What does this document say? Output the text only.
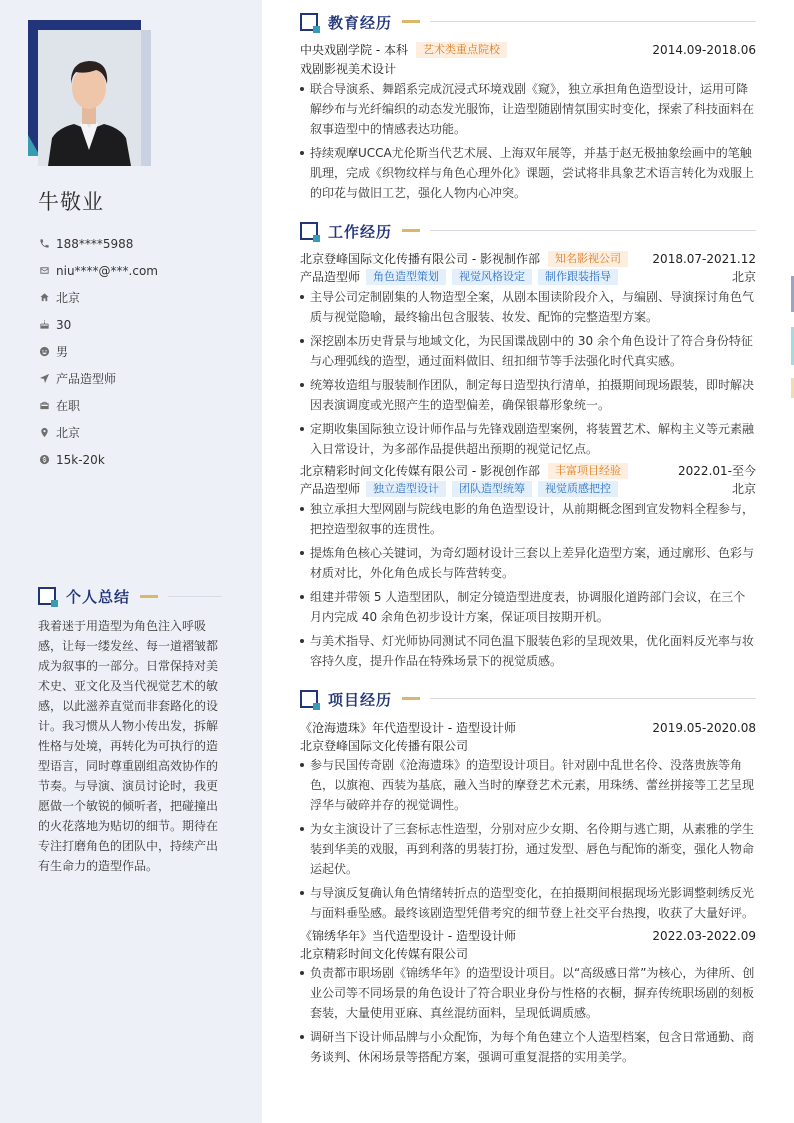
牛敬业
188****5988
niu****@***.com
北京
30
男
产品造型师
在职
北京
15k-20k
个人总结
我着迷于用造型为角色注入呼吸感，让每一缕发丝、每一道褶皱都成为叙事的一部分。日常保持对美术史、亚文化及当代视觉艺术的敏感，以此滋养直觉而非套路化的设计。我习惯从人物小传出发，拆解性格与处境，再转化为可执行的造型语言，同时尊重剧组高效协作的节奏。与导演、演员讨论时，我更愿做一个敏锐的倾听者，把碰撞出的火花落地为贴切的细节。期待在专注打磨角色的团队中，持续产出有生命力的造型作品。
教育经历
中央戏剧学院 - 本科	艺术类重点院校	2014.09-2018.06
戏剧影视美术设计
联合导演系、舞蹈系完成沉浸式环境戏剧《窥》，独立承担角色造型设计，运用可降解纱布与光纤编织的动态发光服饰，让造型随剧情氛围实时变化，探索了科技面料在叙事造型中的情感表达功能。
持续观摩UCCA尤伦斯当代艺术展、上海双年展等，并基于赵无极抽象绘画中的笔触肌理，完成《织物纹样与角色心理外化》课题，尝试将非具象艺术语言转化为戏服上的印花与做旧工艺，强化人物内心冲突。
工作经历
北京登峰国际文化传播有限公司 - 影视制作部	知名影视公司	2018.07-2021.12
产品造型师	角色造型策划	视觉风格设定	制作跟装指导	北京
主导公司定制剧集的人物造型全案，从剧本围读阶段介入，与编剧、导演探讨角色气质与视觉隐喻，最终输出包含服装、妆发、配饰的完整造型方案。
深挖剧本历史背景与地域文化，为民国谍战剧中的 30 余个角色设计了符合身份特征与心理弧线的造型，通过面料做旧、纽扣细节等手法强化时代真实感。
统筹妆造组与服装制作团队，制定每日造型执行清单，拍摄期间现场跟装，即时解决因表演调度或光照产生的造型偏差，确保银幕形象统一。
定期收集国际独立设计师作品与先锋戏剧造型案例，将装置艺术、解构主义等元素融入日常设计，为多部作品提供超出预期的视觉记忆点。
北京精彩时间文化传媒有限公司 - 影视创作部	丰富项目经验	2022.01-至今
产品造型师	独立造型设计	团队造型统筹	视觉质感把控	北京
独立承担大型网剧与院线电影的角色造型设计，从前期概念图到宣发物料全程参与，把控造型叙事的连贯性。
提炼角色核心关键词，为奇幻题材设计三套以上差异化造型方案，通过廓形、色彩与材质对比，外化角色成长与阵营转变。
组建并带领 5 人造型团队，制定分镜造型进度表，协调服化道跨部门会议，在三个月内完成 40 余角色初步设计方案，保证项目按期开机。
与美术指导、灯光师协同测试不同色温下服装色彩的呈现效果，优化面料反光率与妆容持久度，提升作品在特殊场景下的视觉质感。
项目经历
《沧海遗珠》年代造型设计 - 造型设计师	2019.05-2020.08
北京登峰国际文化传播有限公司
参与民国传奇剧《沧海遗珠》的造型设计项目。针对剧中乱世名伶、没落贵族等角色，以旗袍、西装为基底，融入当时的摩登艺术元素，用珠绣、蕾丝拼接等工艺呈现浮华与破碎并存的视觉调性。
为女主演设计了三套标志性造型，分别对应少女期、名伶期与逃亡期，从素雅的学生装到华美的戏服，再到利落的男装打扮，通过发型、唇色与配饰的渐变，强化人物命运起伏。
与导演反复确认角色情绪转折点的造型变化，在拍摄期间根据现场光影调整刺绣反光与面料垂坠感。最终该剧造型凭借考究的细节登上社交平台热搜，收获了大量好评。
《锦绣华年》当代造型设计 - 造型设计师	2022.03-2022.09
北京精彩时间文化传媒有限公司
负责都市职场剧《锦绣华年》的造型设计项目。以“高级感日常”为核心，为律所、创业公司等不同场景的角色设计了符合职业身份与性格的衣橱，摒弃传统职场剧的刻板套装，大量使用亚麻、真丝混纺面料，呈现低调质感。
调研当下设计师品牌与小众配饰，为每个角色建立个人造型档案，包含日常通勤、商务谈判、休闲场景等搭配方案，强调可重复混搭的实用美学。
